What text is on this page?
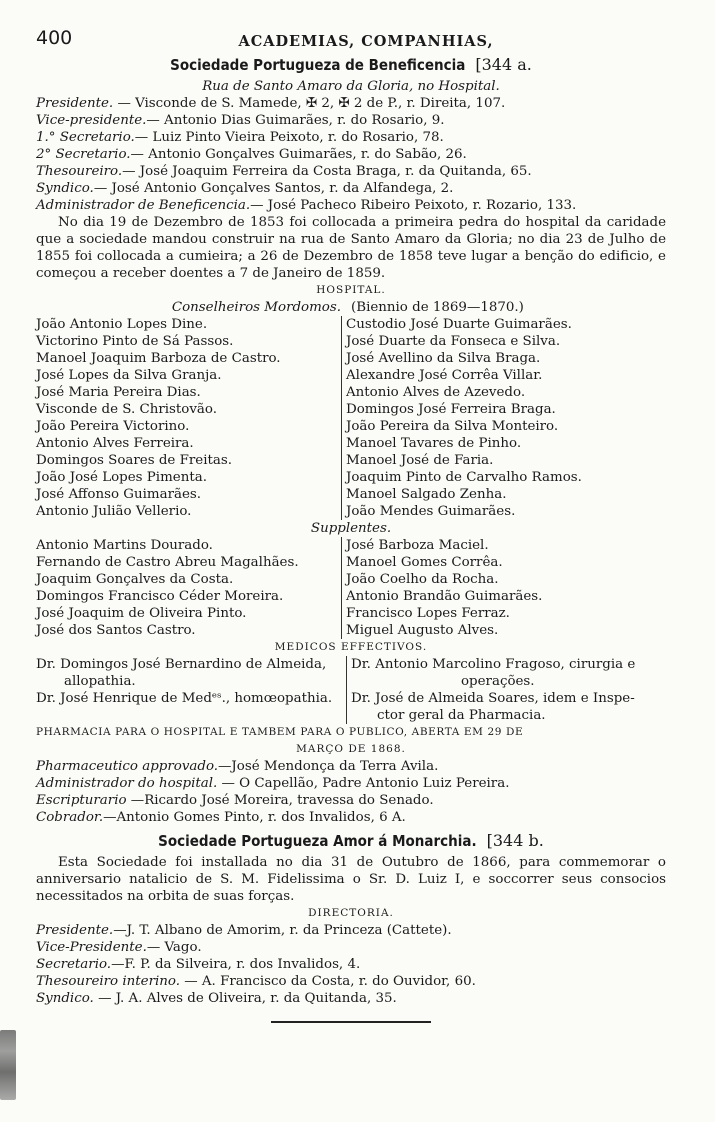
400	ACADEMIAS, COMPANHIAS,
Sociedade Portugueza de Beneficencia [344 a.
Rua de Santo Amaro da Gloria, no Hospital.
Presidente. — Visconde de S. Mamede, ✠ 2, ✠ 2 de P., r. Direita, 107.
Vice-presidente.— Antonio Dias Guimarães, r. do Rosario, 9.
1.° Secretario.— Luiz Pinto Vieira Peixoto, r. do Rosario, 78.
2° Secretario.— Antonio Gonçalves Guimarães, r. do Sabão, 26.
Thesoureiro.— José Joaquim Ferreira da Costa Braga, r. da Quitanda, 65.
Syndico.— José Antonio Gonçalves Santos, r. da Alfandega, 2.
Administrador de Beneficencia.— José Pacheco Ribeiro Peixoto, r. Rozario, 133.
No dia 19 de Dezembro de 1853 foi collocada a primeira pedra do hospital da caridade que a sociedade mandou construir na rua de Santo Amaro da Gloria; no dia 23 de Julho de 1855 foi collocada a cumieira; a 26 de Dezembro de 1858 teve lugar a benção do edificio, e começou a receber doentes a 7 de Janeiro de 1859.
HOSPITAL.
Conselheiros Mordomos. (Biennio de 1869—1870.)
João Antonio Lopes Dine.
Victorino Pinto de Sá Passos.
Manoel Joaquim Barboza de Castro.
José Lopes da Silva Granja.
José Maria Pereira Dias.
Visconde de S. Christovão.
João Pereira Victorino.
Antonio Alves Ferreira.
Domingos Soares de Freitas.
João José Lopes Pimenta.
José Affonso Guimarães.
Antonio Julião Vellerio.
Custodio José Duarte Guimarães.
José Duarte da Fonseca e Silva.
José Avellino da Silva Braga.
Alexandre José Corrêa Villar.
Antonio Alves de Azevedo.
Domingos José Ferreira Braga.
João Pereira da Silva Monteiro.
Manoel Tavares de Pinho.
Manoel José de Faria.
Joaquim Pinto de Carvalho Ramos.
Manoel Salgado Zenha.
João Mendes Guimarães.
Supplentes.
Antonio Martins Dourado.
Fernando de Castro Abreu Magalhães.
Joaquim Gonçalves da Costa.
Domingos Francisco Céder Moreira.
José Joaquim de Oliveira Pinto.
José dos Santos Castro.
José Barboza Maciel.
Manoel Gomes Corrêa.
João Coelho da Rocha.
Antonio Brandão Guimarães.
Francisco Lopes Ferraz.
Miguel Augusto Alves.
MEDICOS EFFECTIVOS.
Dr. Domingos José Bernardino de Almeida,
allopathia.
Dr. José Henrique de Medᵉˢ., homœopathia.
Dr. Antonio Marcolino Fragoso, cirurgia e
operações.
Dr. José de Almeida Soares, idem e Inspe-
ctor geral da Pharmacia.
PHARMACIA PARA O HOSPITAL E TAMBEM PARA O PUBLICO, ABERTA EM 29 DE
MARÇO DE 1868.
Pharmaceutico approvado.—José Mendonça da Terra Avila.
Administrador do hospital. — O Capellão, Padre Antonio Luiz Pereira.
Escripturario —Ricardo José Moreira, travessa do Senado.
Cobrador.—Antonio Gomes Pinto, r. dos Invalidos, 6 A.
Sociedade Portugueza Amor á Monarchia. [344 b.
Esta Sociedade foi installada no dia 31 de Outubro de 1866, para commemorar o anniversario natalicio de S. M. Fidelissima o Sr. D. Luiz I, e soccorrer seus consocios necessitados na orbita de suas forças.
DIRECTORIA.
Presidente.—J. T. Albano de Amorim, r. da Princeza (Cattete).
Vice-Presidente.— Vago.
Secretario.—F. P. da Silveira, r. dos Invalidos, 4.
Thesoureiro interino. — A. Francisco da Costa, r. do Ouvidor, 60.
Syndico. — J. A. Alves de Oliveira, r. da Quitanda, 35.
